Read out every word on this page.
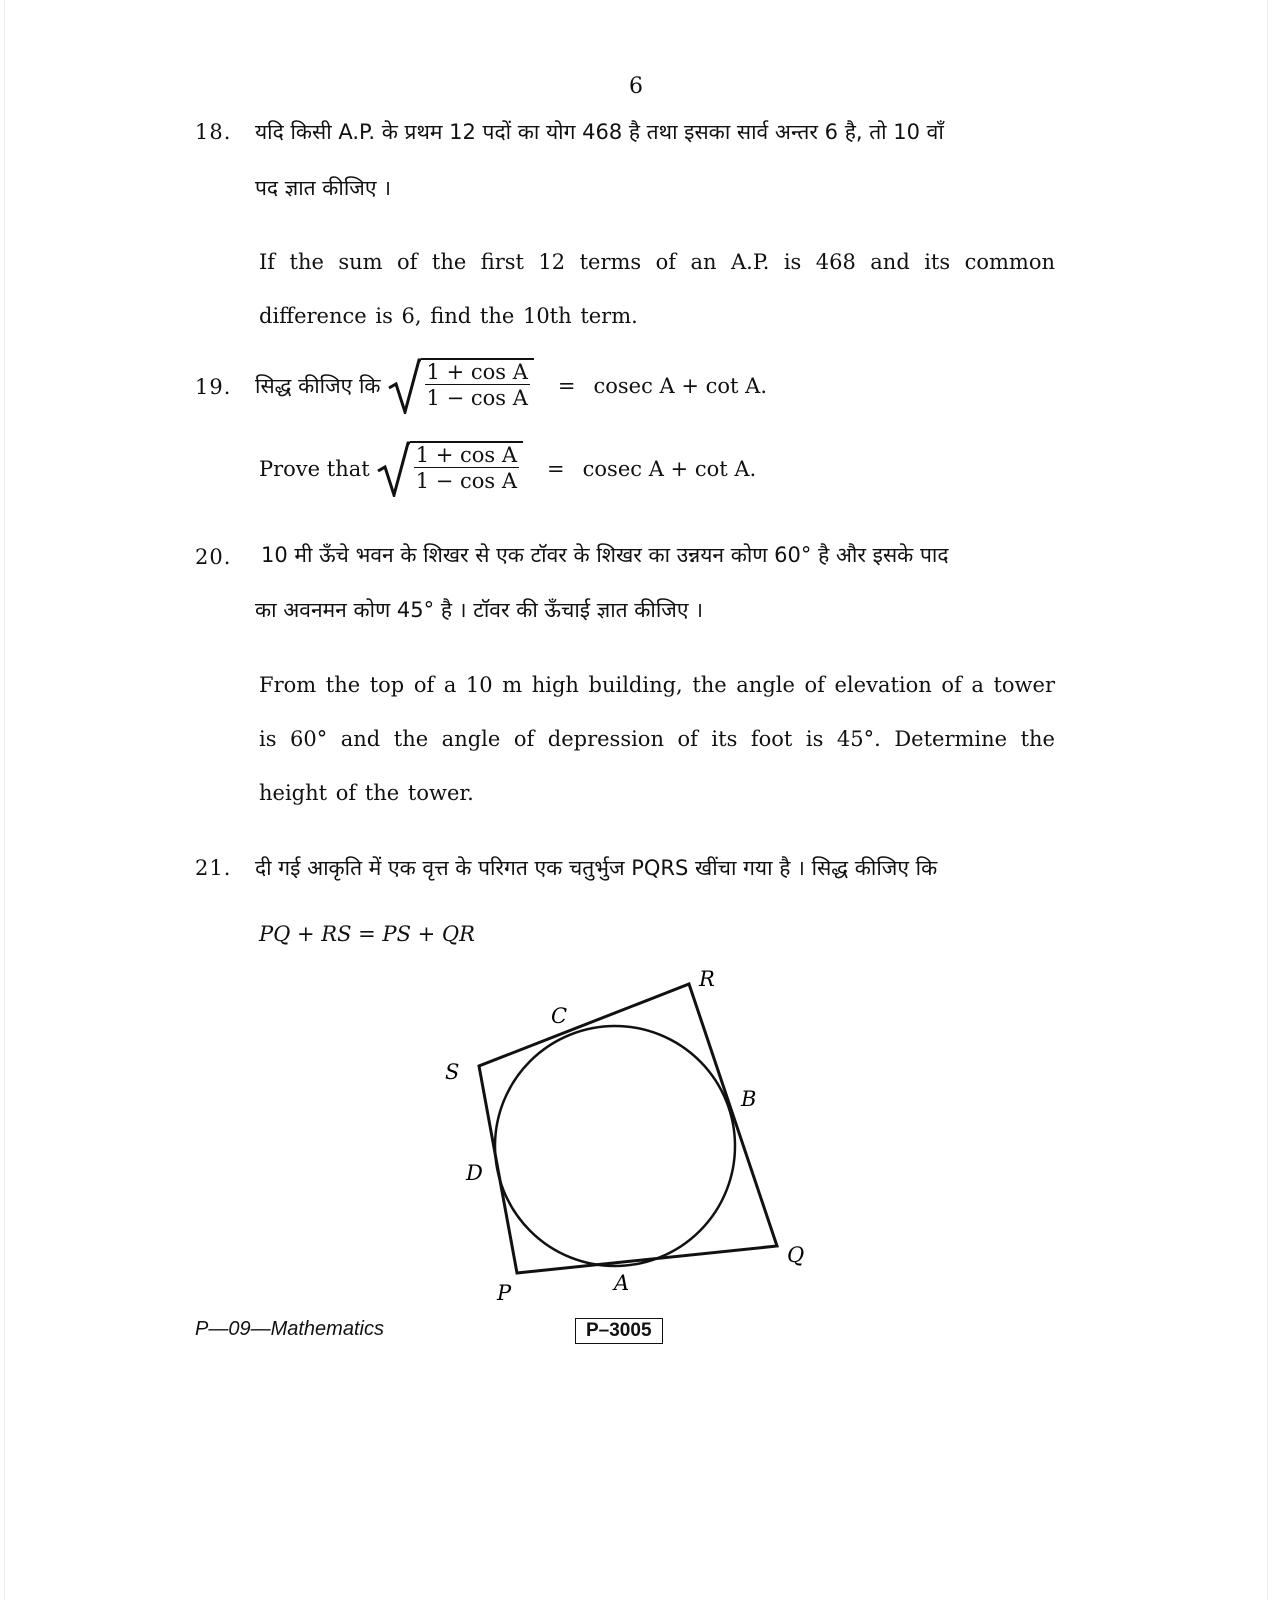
6
18. यदि किसी A.P. के प्रथम 12 पदों का योग 468 है तथा इसका सार्व अन्तर 6 है, तो 10 वाँ
पद ज्ञात कीजिए ।
If the sum of the first 12 terms of an A.P. is 468 and its common
difference is 6, find the 10th term.
19. सिद्ध कीजिए कि $\frac{\text{1 + cos A}}{\text{1 − cos A}} = cosec$ A + cot A.
Prove that $\frac{\text{1 + cos A}}{\text{1 − cos A}} = cosec$ A + cot A.
20. 10 मी ऊँचे भवन के शिखर से एक टॉवर के शिखर का उन्नयन कोण 60° है और इसके पाद
का अवनमन कोण 45° है । टॉवर की ऊँचाई ज्ञात कीजिए ।
From the top of a 10 m high building, the angle of elevation of a tower
is 60° and the angle of depression of its foot is 45°. Determine the
height of the tower.
21. दी गई आकृति में एक वृत्त के परिगत एक चतुर्भुज PQRS खींचा गया है । सिद्ध कीजिए कि
PQ + RS = PS + QR
R
C
S
B
D
Q
A
P
P—09—Mathematics	P–3005
